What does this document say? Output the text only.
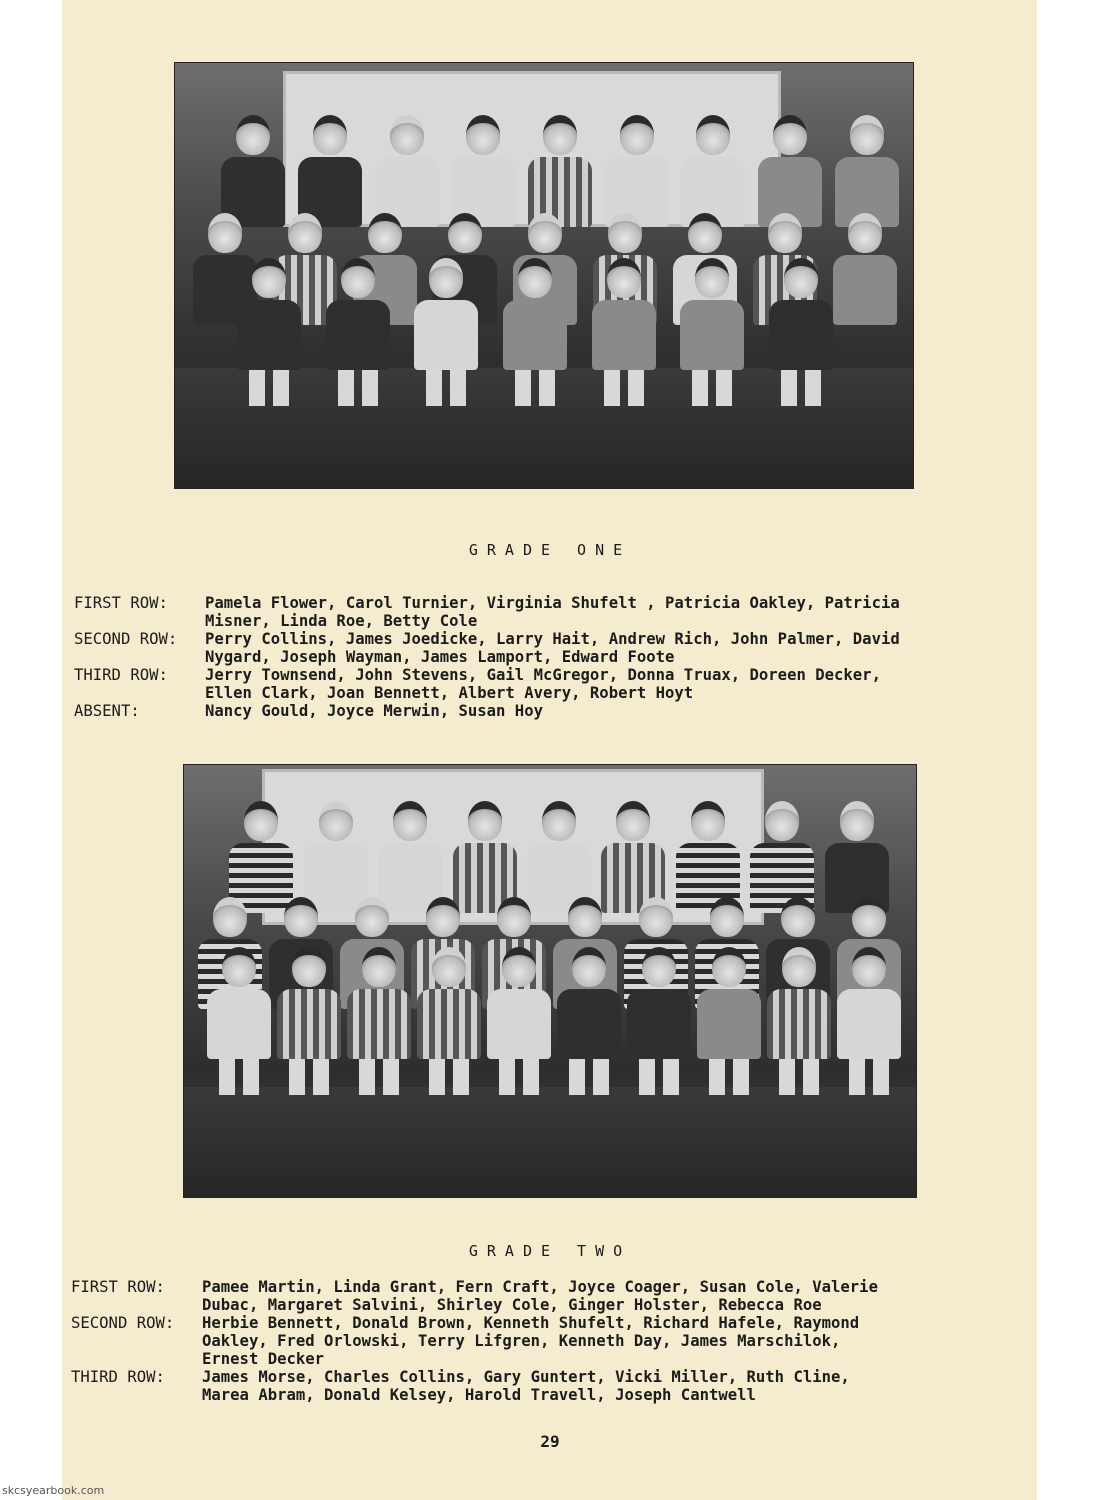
GRADE ONE
FIRST ROW:	Pamela Flower, Carol Turnier, Virginia Shufelt , Patricia Oakley, Patricia
Misner, Linda Roe, Betty Cole
SECOND ROW:	Perry Collins, James Joedicke, Larry Hait, Andrew Rich, John Palmer, David
Nygard, Joseph Wayman, James Lamport, Edward Foote
THIRD ROW:	Jerry Townsend, John Stevens, Gail McGregor, Donna Truax, Doreen Decker,
Ellen Clark, Joan Bennett, Albert Avery, Robert Hoyt
ABSENT:	Nancy Gould, Joyce Merwin, Susan Hoy
GRADE TWO
FIRST ROW:	Pamee Martin, Linda Grant, Fern Craft, Joyce Coager, Susan Cole, Valerie
Dubac, Margaret Salvini, Shirley Cole, Ginger Holster, Rebecca Roe
SECOND ROW:	Herbie Bennett, Donald Brown, Kenneth Shufelt, Richard Hafele, Raymond
Oakley, Fred Orlowski, Terry Lifgren, Kenneth Day, James Marschilok,
Ernest Decker
THIRD ROW:	James Morse, Charles Collins, Gary Guntert, Vicki Miller, Ruth Cline,
Marea Abram, Donald Kelsey, Harold Travell, Joseph Cantwell
29
skcsyearbook.com
